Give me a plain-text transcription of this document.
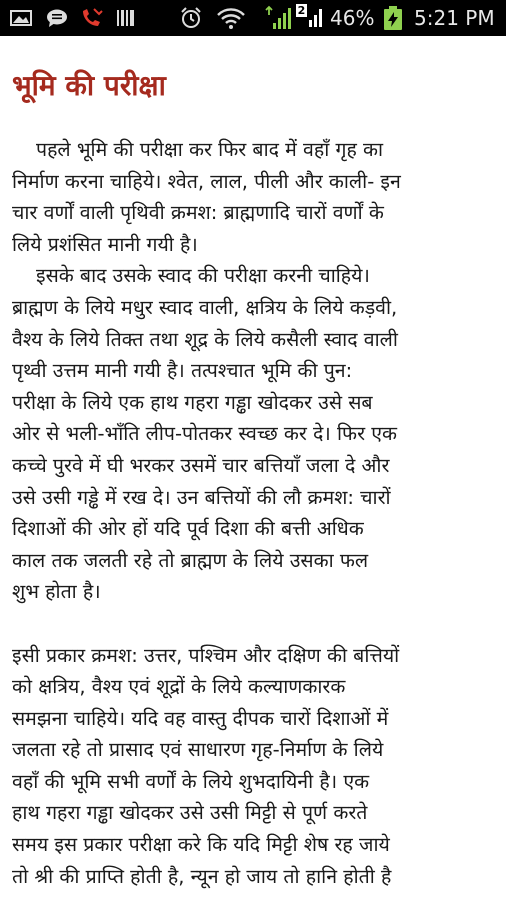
2 46% 5:21 PM
भूमि की परीक्षा

पहले भूमि की परीक्षा कर फिर बाद में वहाँ गृह का
निर्माण करना चाहिये। श्वेत, लाल, पीली और काली- इन
चार वर्णों वाली पृथिवी क्रमश: ब्राह्मणादि चारों वर्णों के
लिये प्रशंसित मानी गयी है।

इसके बाद उसके स्वाद की परीक्षा करनी चाहिये।
ब्राह्मण के लिये मधुर स्वाद वाली, क्षत्रिय के लिये कड़वी,
वैश्य के लिये तिक्त तथा शूद्र के लिये कसैली स्वाद वाली
पृथ्वी उत्तम मानी गयी है। तत्पश्चात भूमि की पुन:
परीक्षा के लिये एक हाथ गहरा गड्ढा खोदकर उसे सब
ओर से भली-भाँति लीप-पोतकर स्वच्छ कर दे। फिर एक
कच्चे पुरवे में घी भरकर उसमें चार बत्तियाँ जला दे और
उसे उसी गड्ढे में रख दे। उन बत्तियों की लौ क्रमश: चारों
दिशाओं की ओर हों यदि पूर्व दिशा की बत्ती अधिक
काल तक जलती रहे तो ब्राह्मण के लिये उसका फल
शुभ होता है।

इसी प्रकार क्रमश: उत्तर, पश्चिम और दक्षिण की बत्तियों
को क्षत्रिय, वैश्य एवं शूद्रों के लिये कल्याणकारक
समझना चाहिये। यदि वह वास्तु दीपक चारों दिशाओं में
जलता रहे तो प्रासाद एवं साधारण गृह-निर्माण के लिये
वहाँ की भूमि सभी वर्णों के लिये शुभदायिनी है। एक
हाथ गहरा गड्ढा खोदकर उसे उसी मिट्टी से पूर्ण करते
समय इस प्रकार परीक्षा करे कि यदि मिट्टी शेष रह जाये
तो श्री की प्राप्ति होती है, न्यून हो जाय तो हानि होती है
